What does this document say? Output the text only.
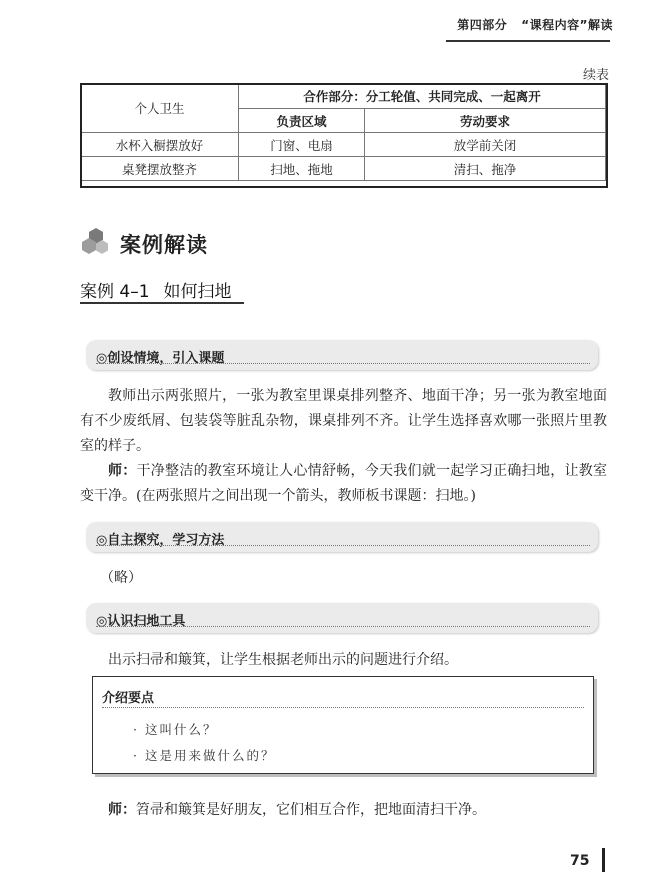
第四部分 “课程内容”解读
续表
个人卫生	合作部分：分工轮值、共同完成、一起离开	
	负责区域	劳动要求
水杯入橱摆放好	门窗、电扇	放学前关闭
桌凳摆放整齐	扫地、拖地	清扫、拖净
案例解读
案例 4–1 如何扫地
◎创设情境，引入课题

教师出示两张照片，一张为教室里课桌排列整齐、地面干净；另一张为教室地面有不少废纸屑、包装袋等脏乱杂物，课桌排列不齐。让学生选择喜欢哪一张照片里教室的样子。

师：干净整洁的教室环境让人心情舒畅，今天我们就一起学习正确扫地，让教室变干净。(在两张照片之间出现一个箭头，教师板书课题：扫地。)

◎自主探究，学习方法

（略）

◎认识扫地工具

出示扫帚和簸箕，让学生根据老师出示的问题进行介绍。

介绍要点
· 这叫什么？
· 这是用来做什么的？

师：笤帚和簸箕是好朋友，它们相互合作，把地面清扫干净。

75
